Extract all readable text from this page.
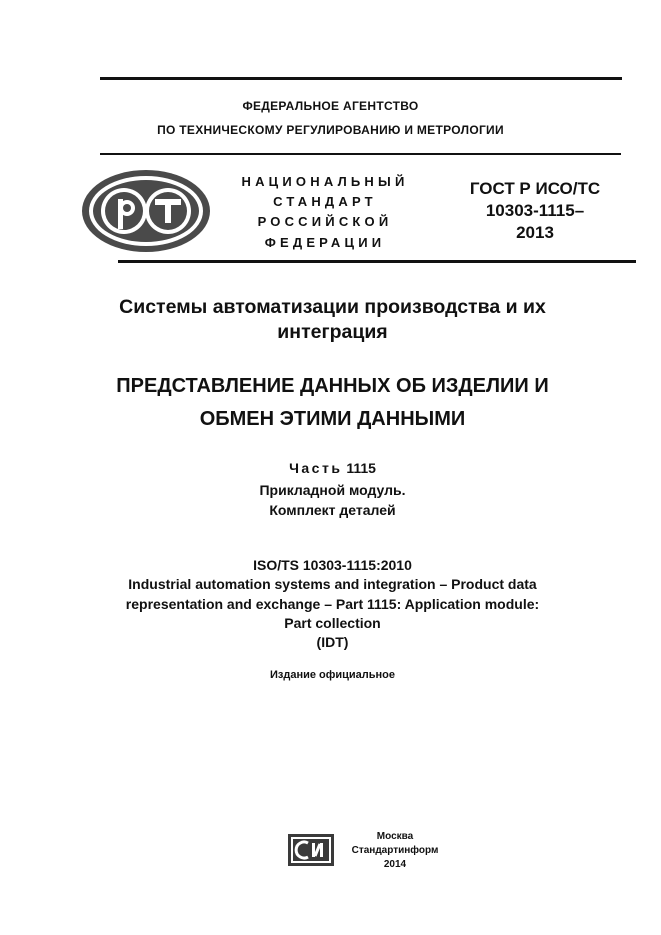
ФЕДЕРАЛЬНОЕ АГЕНТСТВО
ПО ТЕХНИЧЕСКОМУ РЕГУЛИРОВАНИЮ И МЕТРОЛОГИИ
НАЦИОНАЛЬНЫЙ
СТАНДАРТ
РОССИЙСКОЙ
ФЕДЕРАЦИИ
ГОСТ Р ИСО/ТС
10303-1115–
2013
Системы автоматизации производства и их
интеграция
ПРЕДСТАВЛЕНИЕ ДАННЫХ ОБ ИЗДЕЛИИ И
ОБМЕН ЭТИМИ ДАННЫМИ
Часть 1115
Прикладной модуль.
Комплект деталей
ISO/TS 10303-1115:2010
Industrial automation systems and integration – Product data
representation and exchange – Part 1115: Application module:
Part collection
(IDT)
Издание официальное
Москва
Стандартинформ
2014
